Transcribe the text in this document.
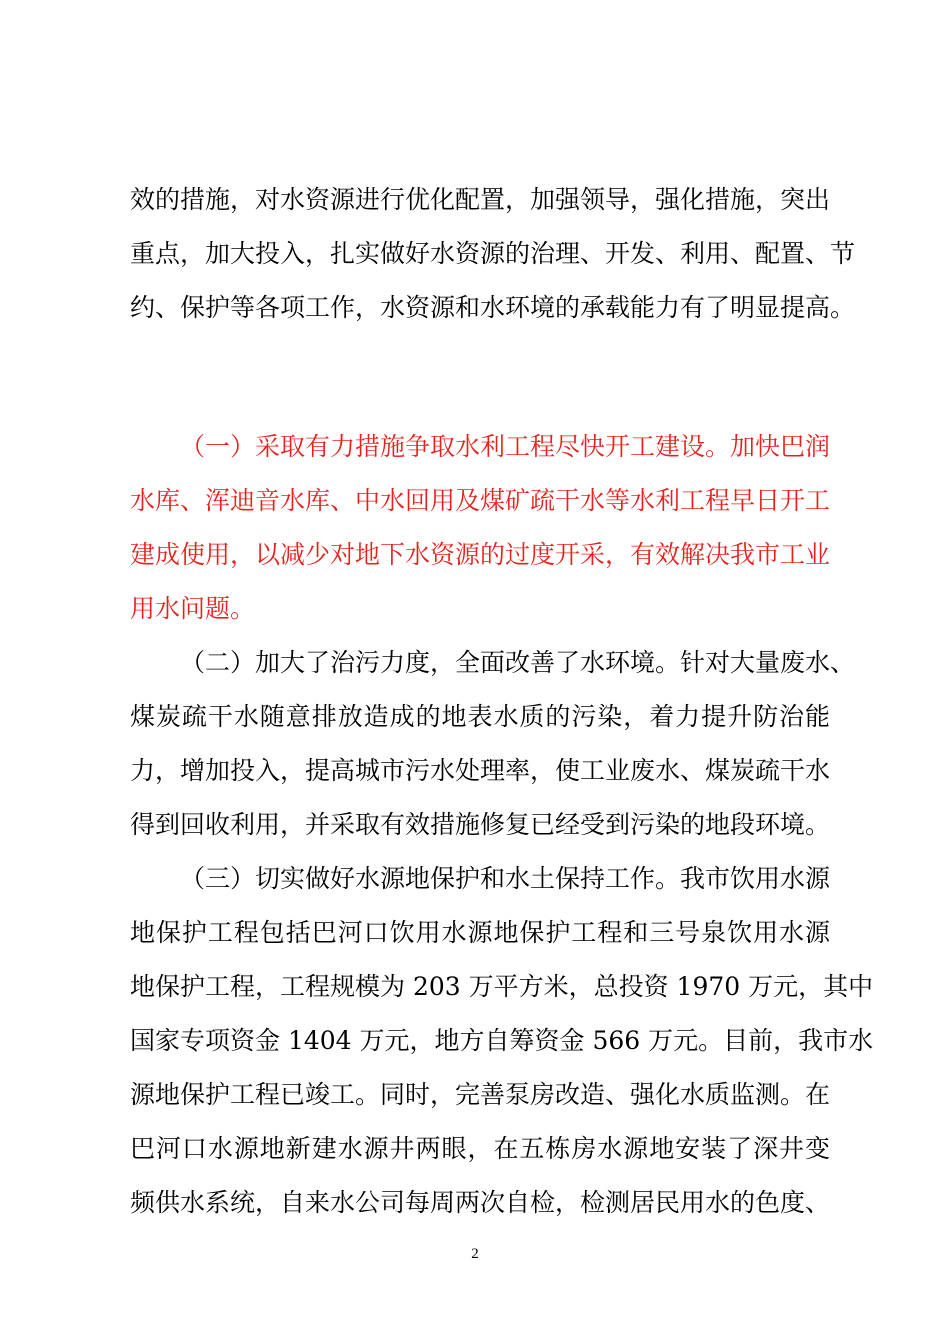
效的措施，对水资源进行优化配置，加强领导，强化措施，突出
重点，加大投入，扎实做好水资源的治理、开发、利用、配置、节
约、保护等各项工作，水资源和水环境的承载能力有了明显提高。
（一）采取有力措施争取水利工程尽快开工建设。加快巴润
水库、浑迪音水库、中水回用及煤矿疏干水等水利工程早日开工
建成使用，以减少对地下水资源的过度开采，有效解决我市工业
用水问题。
（二）加大了治污力度，全面改善了水环境。针对大量废水、
煤炭疏干水随意排放造成的地表水质的污染，着力提升防治能
力，增加投入，提高城市污水处理率，使工业废水、煤炭疏干水
得到回收利用，并采取有效措施修复已经受到污染的地段环境。
（三）切实做好水源地保护和水土保持工作。我市饮用水源
地保护工程包括巴河口饮用水源地保护工程和三号泉饮用水源
地保护工程，工程规模为 203 万平方米，总投资 1970 万元，其中
国家专项资金 1404 万元，地方自筹资金 566 万元。目前，我市水
源地保护工程已竣工。同时，完善泵房改造、强化水质监测。在
巴河口水源地新建水源井两眼，在五栋房水源地安装了深井变
频供水系统，自来水公司每周两次自检，检测居民用水的色度、
2
